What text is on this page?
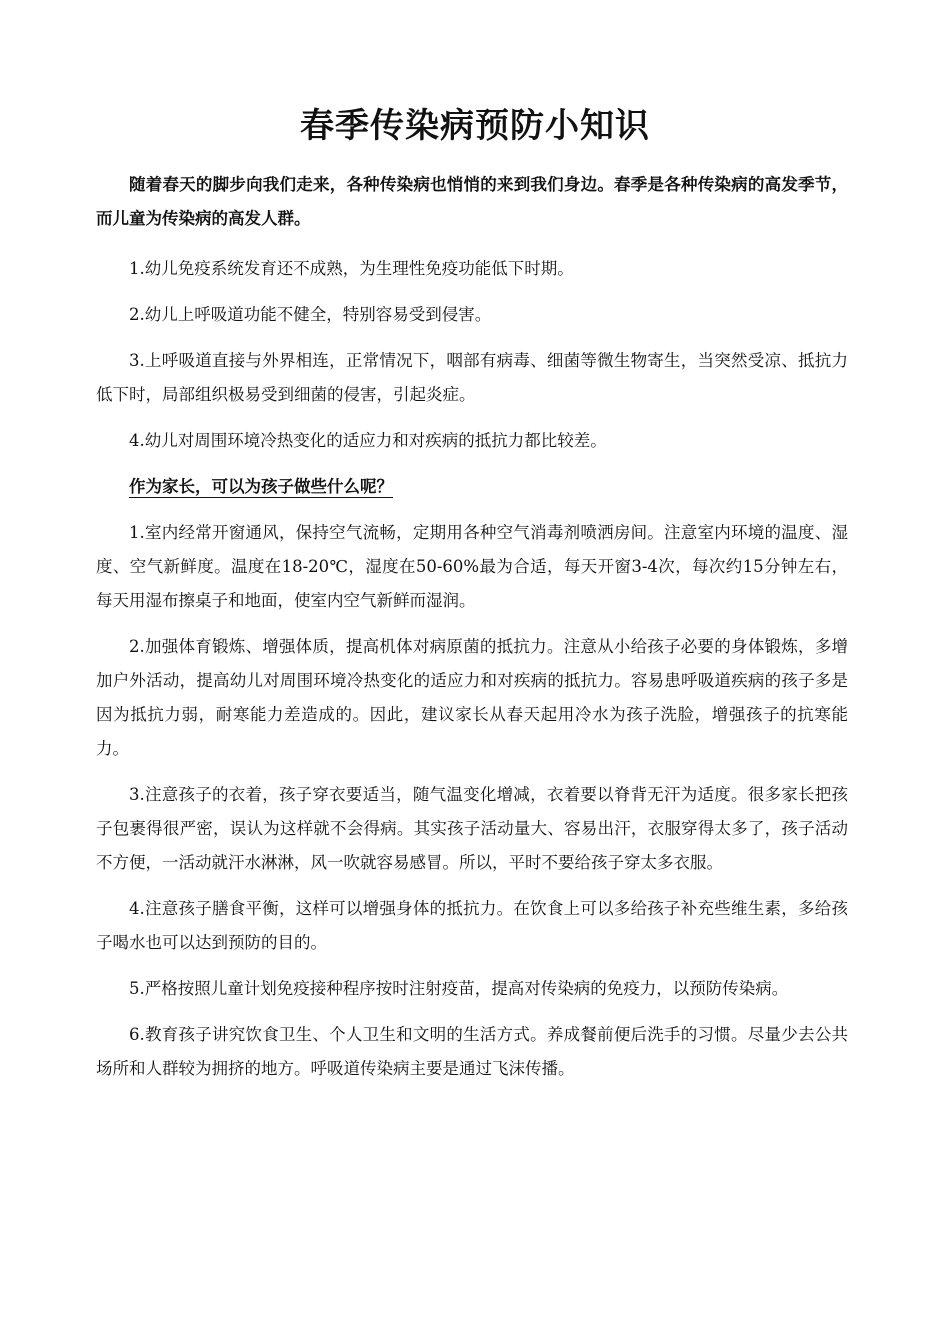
春季传染病预防小知识

随着春天的脚步向我们走来，各种传染病也悄悄的来到我们身边。春季是各种传染病的高发季节，而儿童为传染病的高发人群。

1.幼儿免疫系统发育还不成熟，为生理性免疫功能低下时期。

2.幼儿上呼吸道功能不健全，特别容易受到侵害。

3.上呼吸道直接与外界相连，正常情况下，咽部有病毒、细菌等微生物寄生，当突然受凉、抵抗力低下时，局部组织极易受到细菌的侵害，引起炎症。

4.幼儿对周围环境冷热变化的适应力和对疾病的抵抗力都比较差。

作为家长，可以为孩子做些什么呢？

1.室内经常开窗通风，保持空气流畅，定期用各种空气消毒剂喷洒房间。注意室内环境的温度、湿度、空气新鲜度。温度在18-20℃，湿度在50-60%最为合适，每天开窗3-4次，每次约15分钟左右，每天用湿布擦桌子和地面，使室内空气新鲜而湿润。

2.加强体育锻炼、增强体质，提高机体对病原菌的抵抗力。注意从小给孩子必要的身体锻炼，多增加户外活动，提高幼儿对周围环境冷热变化的适应力和对疾病的抵抗力。容易患呼吸道疾病的孩子多是因为抵抗力弱，耐寒能力差造成的。因此，建议家长从春天起用冷水为孩子洗脸，增强孩子的抗寒能力。

3.注意孩子的衣着，孩子穿衣要适当，随气温变化增减，衣着要以脊背无汗为适度。很多家长把孩子包裹得很严密，误认为这样就不会得病。其实孩子活动量大、容易出汗，衣服穿得太多了，孩子活动不方便，一活动就汗水淋淋，风一吹就容易感冒。所以，平时不要给孩子穿太多衣服。

4.注意孩子膳食平衡，这样可以增强身体的抵抗力。在饮食上可以多给孩子补充些维生素，多给孩子喝水也可以达到预防的目的。

5.严格按照儿童计划免疫接种程序按时注射疫苗，提高对传染病的免疫力，以预防传染病。

6.教育孩子讲究饮食卫生、个人卫生和文明的生活方式。养成餐前便后洗手的习惯。尽量少去公共场所和人群较为拥挤的地方。呼吸道传染病主要是通过飞沫传播。
